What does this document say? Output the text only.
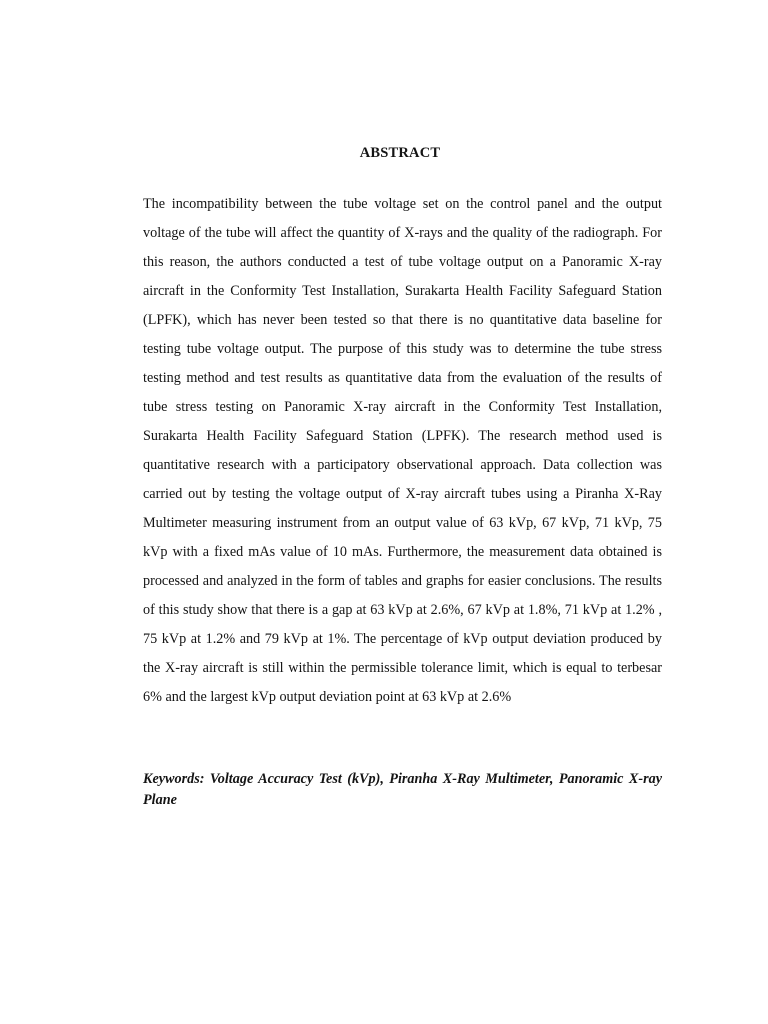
ABSTRACT

The incompatibility between the tube voltage set on the control panel and the output voltage of the tube will affect the quantity of X-rays and the quality of the radiograph. For this reason, the authors conducted a test of tube voltage output on a Panoramic X-ray aircraft in the Conformity Test Installation, Surakarta Health Facility Safeguard Station (LPFK), which has never been tested so that there is no quantitative data baseline for testing tube voltage output. The purpose of this study was to determine the tube stress testing method and test results as quantitative data from the evaluation of the results of tube stress testing on Panoramic X-ray aircraft in the Conformity Test Installation, Surakarta Health Facility Safeguard Station (LPFK). The research method used is quantitative research with a participatory observational approach. Data collection was carried out by testing the voltage output of X-ray aircraft tubes using a Piranha X-Ray Multimeter measuring instrument from an output value of 63 kVp, 67 kVp, 71 kVp, 75 kVp with a fixed mAs value of 10 mAs. Furthermore, the measurement data obtained is processed and analyzed in the form of tables and graphs for easier conclusions. The results of this study show that there is a gap at 63 kVp at 2.6%, 67 kVp at 1.8%, 71 kVp at 1.2% , 75 kVp at 1.2% and 79 kVp at 1%. The percentage of kVp output deviation produced by the X-ray aircraft is still within the permissible tolerance limit, which is equal to terbesar 6% and the largest kVp output deviation point at 63 kVp at 2.6%

Keywords: Voltage Accuracy Test (kVp), Piranha X-Ray Multimeter, Panoramic X-ray Plane
